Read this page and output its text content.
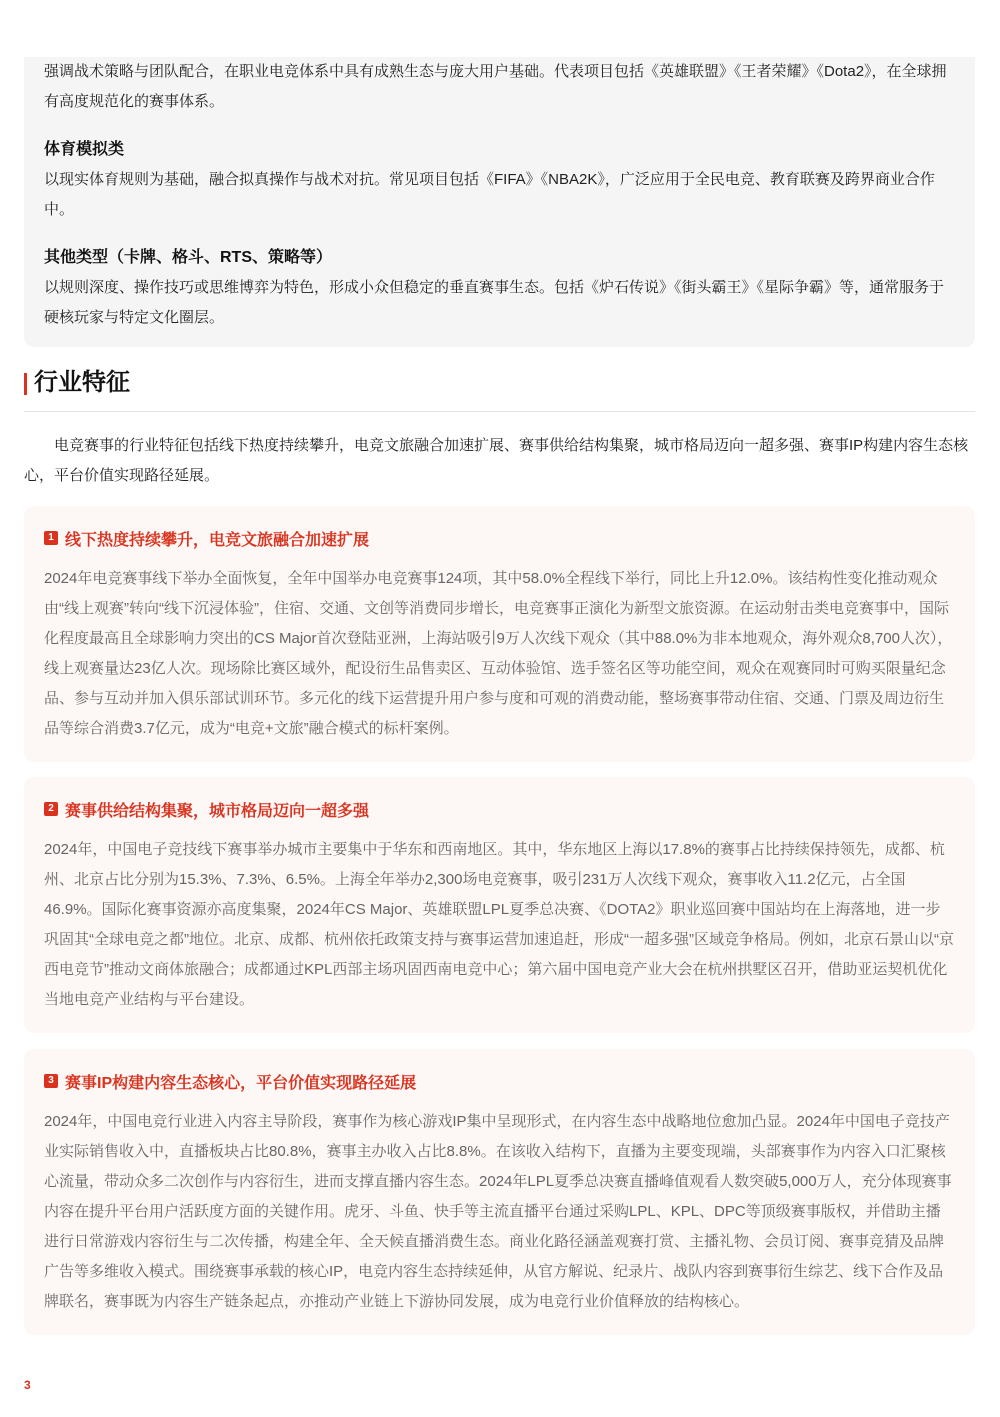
强调战术策略与团队配合，在职业电竞体系中具有成熟生态与庞大用户基础。代表项目包括《英雄联盟》《王者荣耀》《Dota2》，在全球拥有高度规范化的赛事体系。

体育模拟类

以现实体育规则为基础，融合拟真操作与战术对抗。常见项目包括《FIFA》《NBA2K》，广泛应用于全民电竞、教育联赛及跨界商业合作中。

其他类型（卡牌、格斗、RTS、策略等）

以规则深度、操作技巧或思维博弈为特色，形成小众但稳定的垂直赛事生态。包括《炉石传说》《街头霸王》《星际争霸》等，通常服务于硬核玩家与特定文化圈层。

行业特征

电竞赛事的行业特征包括线下热度持续攀升，电竞文旅融合加速扩展、赛事供给结构集聚，城市格局迈向一超多强、赛事IP构建内容生态核心，平台价值实现路径延展。

1 线下热度持续攀升，电竞文旅融合加速扩展

2024年电竞赛事线下举办全面恢复，全年中国举办电竞赛事124项，其中58.0%全程线下举行，同比上升12.0%。该结构性变化推动观众由“线上观赛”转向“线下沉浸体验”，住宿、交通、文创等消费同步增长，电竞赛事正演化为新型文旅资源。在运动射击类电竞赛事中，国际化程度最高且全球影响力突出的CS Major首次登陆亚洲，上海站吸引9万人次线下观众（其中88.0%为非本地观众，海外观众8,700人次），线上观赛量达23亿人次。现场除比赛区域外，配设衍生品售卖区、互动体验馆、选手签名区等功能空间，观众在观赛同时可购买限量纪念品、参与互动并加入俱乐部试训环节。多元化的线下运营提升用户参与度和可观的消费动能，整场赛事带动住宿、交通、门票及周边衍生品等综合消费3.7亿元，成为“电竞+文旅”融合模式的标杆案例。

2 赛事供给结构集聚，城市格局迈向一超多强

2024年，中国电子竞技线下赛事举办城市主要集中于华东和西南地区。其中，华东地区上海以17.8%的赛事占比持续保持领先，成都、杭州、北京占比分别为15.3%、7.3%、6.5%。上海全年举办2,300场电竞赛事，吸引231万人次线下观众，赛事收入11.2亿元，占全国46.9%。国际化赛事资源亦高度集聚，2024年CS Major、英雄联盟LPL夏季总决赛、《DOTA2》职业巡回赛中国站均在上海落地，进一步巩固其“全球电竞之都”地位。北京、成都、杭州依托政策支持与赛事运营加速追赶，形成“一超多强”区域竞争格局。例如，北京石景山以“京西电竞节”推动文商体旅融合；成都通过KPL西部主场巩固西南电竞中心；第六届中国电竞产业大会在杭州拱墅区召开，借助亚运契机优化当地电竞产业结构与平台建设。

3 赛事IP构建内容生态核心，平台价值实现路径延展

2024年，中国电竞行业进入内容主导阶段，赛事作为核心游戏IP集中呈现形式，在内容生态中战略地位愈加凸显。2024年中国电子竞技产业实际销售收入中，直播板块占比80.8%，赛事主办收入占比8.8%。在该收入结构下，直播为主要变现端，头部赛事作为内容入口汇聚核心流量，带动众多二次创作与内容衍生，进而支撑直播内容生态。2024年LPL夏季总决赛直播峰值观看人数突破5,000万人，充分体现赛事内容在提升平台用户活跃度方面的关键作用。虎牙、斗鱼、快手等主流直播平台通过采购LPL、KPL、DPC等顶级赛事版权，并借助主播进行日常游戏内容衍生与二次传播，构建全年、全天候直播消费生态。商业化路径涵盖观赛打赏、主播礼物、会员订阅、赛事竞猜及品牌广告等多维收入模式。围绕赛事承载的核心IP，电竞内容生态持续延伸，从官方解说、纪录片、战队内容到赛事衍生综艺、线下合作及品牌联名，赛事既为内容生产链条起点，亦推动产业链上下游协同发展，成为电竞行业价值释放的结构核心。

3
